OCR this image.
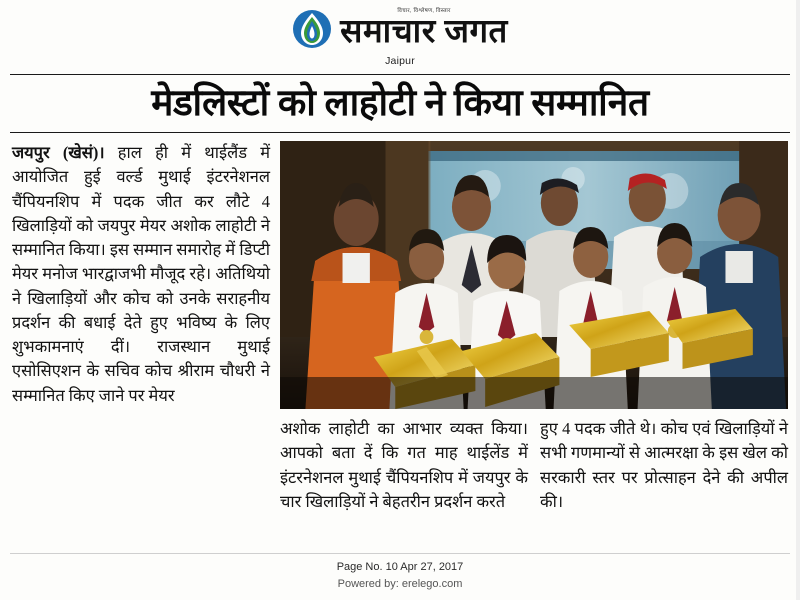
विचार, विश्लेषण, विस्तार
समाचार जगत
Jaipur
मेडलिस्टों को लाहोटी ने किया सम्मानित
जयपुर (खेसं)। हाल ही में थाईलैंड में आयोजित हुई वर्ल्ड मुथाई इंटरनेशनल चैंपियनशिप में पदक जीत कर लौटे 4 खिलाड़ियों को जयपुर मेयर अशोक लाहोटी ने सम्मानित किया। इस सम्मान समारोह में डिप्टी मेयर मनोज भारद्वाजभी मौजूद रहे। अतिथियो ने खिलाड़ियों और कोच को उनके सराहनीय प्रदर्शन की बधाई देते हुए भविष्य के लिए शुभकामनाएं दीं। राजस्थान मुथाई एसोसिएशन के सचिव कोच श्रीराम चौधरी ने सम्मानित किए जाने पर मेयर
अशोक लाहोटी का आभार व्यक्त किया। आपको बता दें कि गत माह थाईलेंड में इंटरनेशनल मुथाई चैंपियनशिप में जयपुर के चार खिलाड़ियों ने बेहतरीन प्रदर्शन करते
हुए 4 पदक जीते थे। कोच एवं खिलाड़ियों ने सभी गणमान्यों से आत्मरक्षा के इस खेल को सरकारी स्तर पर प्रोत्साहन देने की अपील की।
Page No. 10 Apr 27, 2017
Powered by: erelego.com
